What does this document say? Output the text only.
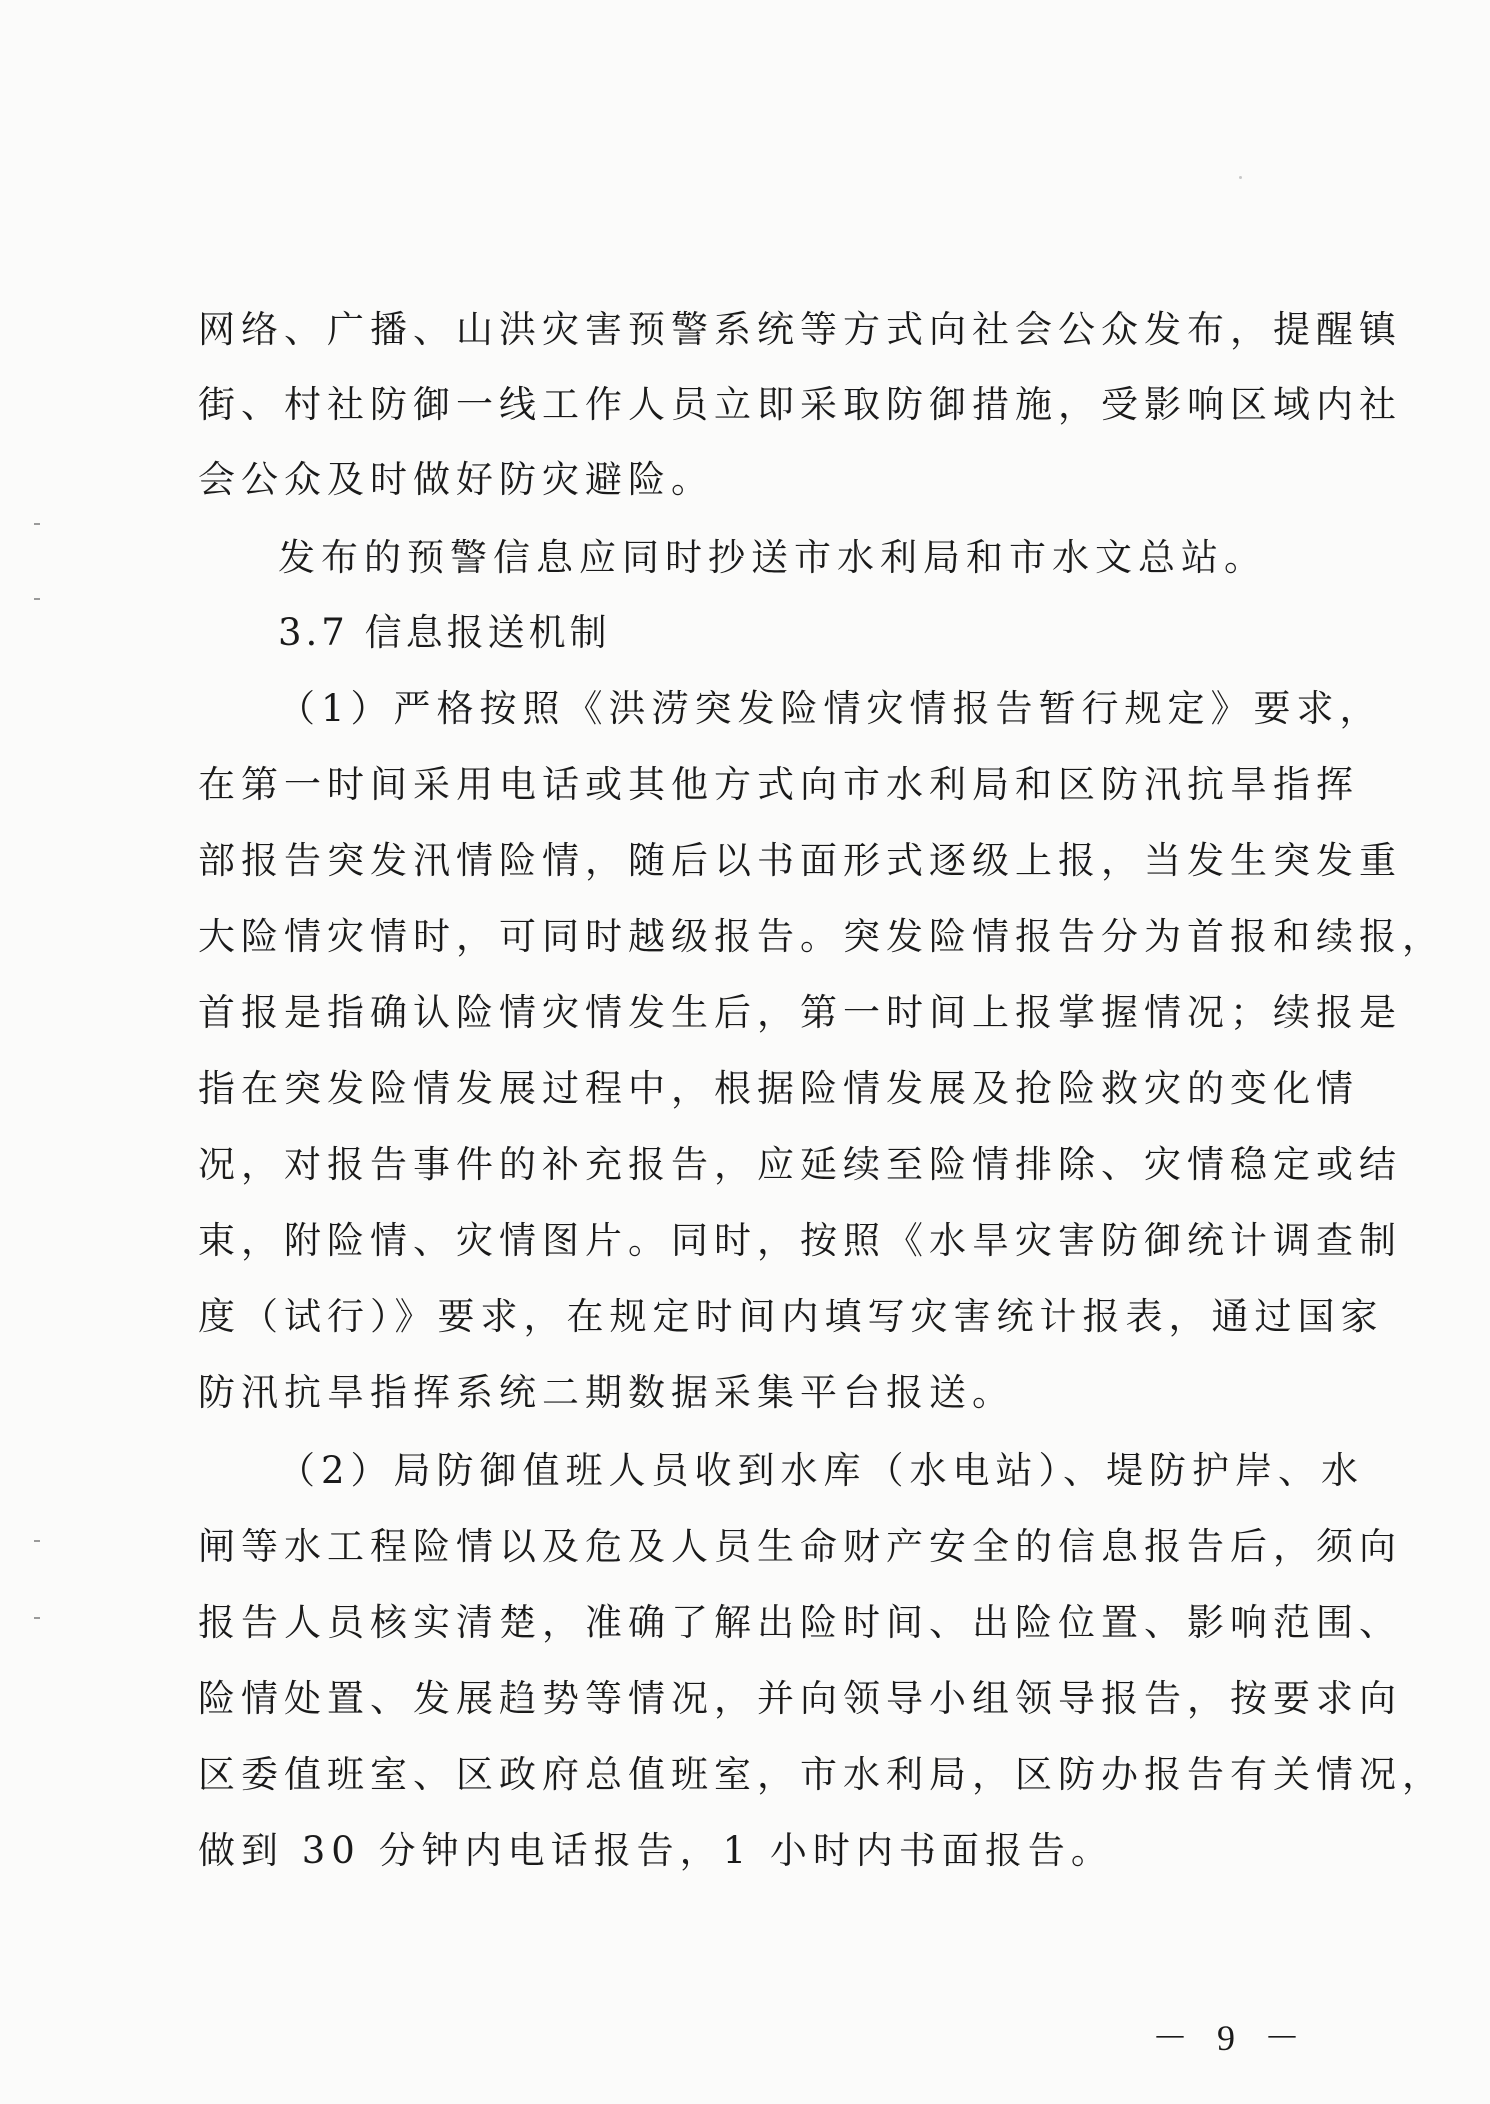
网络、广播、山洪灾害预警系统等方式向社会公众发布，提醒镇
街、村社防御一线工作人员立即采取防御措施，受影响区域内社
会公众及时做好防灾避险。
发布的预警信息应同时抄送市水利局和市水文总站。
3.7 信息报送机制
（1）严格按照《洪涝突发险情灾情报告暂行规定》要求，
在第一时间采用电话或其他方式向市水利局和区防汛抗旱指挥
部报告突发汛情险情，随后以书面形式逐级上报，当发生突发重
大险情灾情时，可同时越级报告。突发险情报告分为首报和续报，
首报是指确认险情灾情发生后，第一时间上报掌握情况；续报是
指在突发险情发展过程中，根据险情发展及抢险救灾的变化情
况，对报告事件的补充报告，应延续至险情排除、灾情稳定或结
束，附险情、灾情图片。同时，按照《水旱灾害防御统计调查制
度（试行）》要求，在规定时间内填写灾害统计报表，通过国家
防汛抗旱指挥系统二期数据采集平台报送。
（2）局防御值班人员收到水库（水电站）、堤防护岸、水
闸等水工程险情以及危及人员生命财产安全的信息报告后，须向
报告人员核实清楚，准确了解出险时间、出险位置、影响范围、
险情处置、发展趋势等情况，并向领导小组领导报告，按要求向
区委值班室、区政府总值班室，市水利局，区防办报告有关情况，
做到 30 分钟内电话报告，1 小时内书面报告。
－ 9 －
